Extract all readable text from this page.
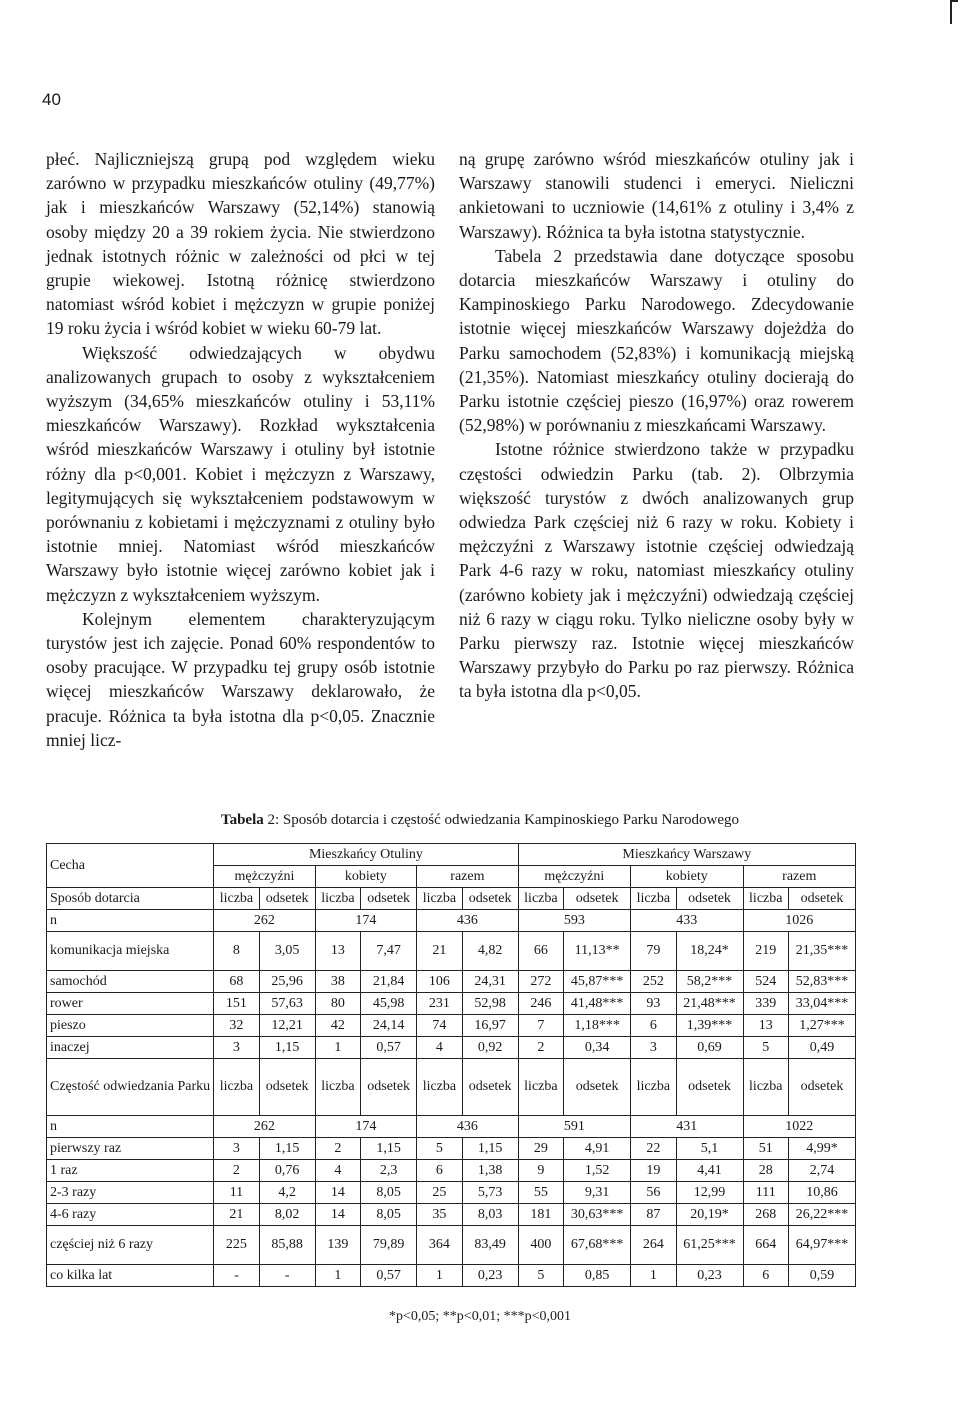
40

płeć. Najliczniejszą grupą pod względem wieku zarówno w przypadku mieszkańców otuliny (49,77%) jak i mieszkańców Warszawy (52,14%) stanowią osoby między 20 a 39 rokiem życia. Nie stwierdzono jednak istotnych różnic w zależności od płci w tej grupie wiekowej. Istotną różnicę stwierdzono natomiast wśród kobiet i mężczyzn w grupie poniżej 19 roku życia i wśród kobiet w wieku 60-79 lat.

Większość odwiedzających w obydwu analizowanych grupach to osoby z wykształceniem wyższym (34,65% mieszkańców otuliny i 53,11% mieszkańców Warszawy). Rozkład wykształcenia wśród mieszkańców Warszawy i otuliny był istotnie różny dla p<0,001. Kobiet i mężczyzn z Warszawy, legitymujących się wykształceniem podstawowym w porównaniu z kobietami i mężczyznami z otuliny było istotnie mniej. Natomiast wśród mieszkańców Warszawy było istotnie więcej zarówno kobiet jak i mężczyzn z wykształceniem wyższym.

Kolejnym elementem charakteryzującym turystów jest ich zajęcie. Ponad 60% respondentów to osoby pracujące. W przypadku tej grupy osób istotnie więcej mieszkańców Warszawy deklarowało, że pracuje. Różnica ta była istotna dla p<0,05. Znacznie mniej licz-

ną grupę zarówno wśród mieszkańców otuliny jak i Warszawy stanowili studenci i emeryci. Nieliczni ankietowani to uczniowie (14,61% z otuliny i 3,4% z Warszawy). Różnica ta była istotna statystycznie.

Tabela 2 przedstawia dane dotyczące sposobu dotarcia mieszkańców Warszawy i otuliny do Kampinoskiego Parku Narodowego. Zdecydowanie istotnie więcej mieszkańców Warszawy dojeżdża do Parku samochodem (52,83%) i komunikacją miejską (21,35%). Natomiast mieszkańcy otuliny docierają do Parku istotnie częściej pieszo (16,97%) oraz rowerem (52,98%) w porównaniu z mieszkańcami Warszawy.

Istotne różnice stwierdzono także w przypadku częstości odwiedzin Parku (tab. 2). Olbrzymia większość turystów z dwóch analizowanych grup odwiedza Park częściej niż 6 razy w roku. Kobiety i mężczyźni z Warszawy istotnie częściej odwiedzają Park 4-6 razy w roku, natomiast mieszkańcy otuliny (zarówno kobiety jak i mężczyźni) odwiedzają częściej niż 6 razy w ciągu roku. Tylko nieliczne osoby były w Parku pierwszy raz. Istotnie więcej mieszkańców Warszawy przybyło do Parku po raz pierwszy. Różnica ta była istotna dla p<0,05.

Tabela 2: Sposób dotarcia i częstość odwiedzania Kampinoskiego Parku Narodowego
Cecha	Mieszkańcy Otuliny						Mieszkańcy Warszawy					
	mężczyźni		kobiety		razem		mężczyźni		kobiety		razem	
Sposób dotarcia	liczba	odsetek	liczba	odsetek	liczba	odsetek	liczba	odsetek	liczba	odsetek	liczba	odsetek
n	262		174		436		593		433		1026	
komunikacja miejska	8	3,05	13	7,47	21	4,82	66	11,13**	79	18,24*	219	21,35***
samochód	68	25,96	38	21,84	106	24,31	272	45,87***	252	58,2***	524	52,83***
rower	151	57,63	80	45,98	231	52,98	246	41,48***	93	21,48***	339	33,04***
pieszo	32	12,21	42	24,14	74	16,97	7	1,18***	6	1,39***	13	1,27***
inaczej	3	1,15	1	0,57	4	0,92	2	0,34	3	0,69	5	0,49
Częstość odwiedzania Parku	liczba	odsetek	liczba	odsetek	liczba	odsetek	liczba	odsetek	liczba	odsetek	liczba	odsetek
n	262		174		436		591		431		1022	
pierwszy raz	3	1,15	2	1,15	5	1,15	29	4,91	22	5,1	51	4,99*
1 raz	2	0,76	4	2,3	6	1,38	9	1,52	19	4,41	28	2,74
2-3 razy	11	4,2	14	8,05	25	5,73	55	9,31	56	12,99	111	10,86
4-6 razy	21	8,02	14	8,05	35	8,03	181	30,63***	87	20,19*	268	26,22***
częściej niż 6 razy	225	85,88	139	79,89	364	83,49	400	67,68***	264	61,25***	664	64,97***
co kilka lat	-	-	1	0,57	1	0,23	5	0,85	1	0,23	6	0,59
*p<0,05; **p<0,01; ***p<0,001
